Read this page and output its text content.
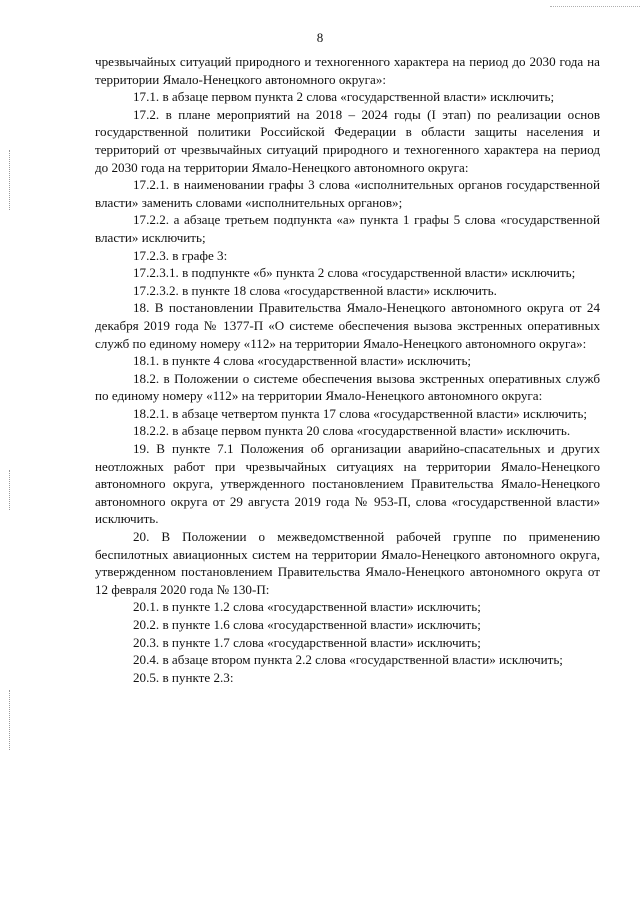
8

чрезвычайных ситуаций природного и техногенного характера на период до 2030 года на территории Ямало-Ненецкого автономного округа»:

17.1. в абзаце первом пункта 2 слова «государственной власти» исключить;

17.2. в плане мероприятий на 2018 – 2024 годы (I этап) по реализации основ государственной политики Российской Федерации в области защиты населения и территорий от чрезвычайных ситуаций природного и техногенного характера на период до 2030 года на территории Ямало-Ненецкого автономного округа:

17.2.1. в наименовании графы 3 слова «исполнительных органов государственной власти» заменить словами «исполнительных органов»;

17.2.2. а абзаце третьем подпункта «а» пункта 1 графы 5 слова «государственной власти» исключить;

17.2.3. в графе 3:

17.2.3.1. в подпункте «б» пункта 2 слова «государственной власти» исключить;

17.2.3.2. в пункте 18 слова «государственной власти» исключить.

18. В постановлении Правительства Ямало-Ненецкого автономного округа от 24 декабря 2019 года № 1377-П «О системе обеспечения вызова экстренных оперативных служб по единому номеру «112» на территории Ямало-Ненецкого автономного округа»:

18.1. в пункте 4 слова «государственной власти» исключить;

18.2. в Положении о системе обеспечения вызова экстренных оперативных служб по единому номеру «112» на территории Ямало-Ненецкого автономного округа:

18.2.1. в абзаце четвертом пункта 17 слова «государственной власти» исключить;

18.2.2. в абзаце первом пункта 20 слова «государственной власти» исключить.

19. В пункте 7.1 Положения об организации аварийно-спасательных и других неотложных работ при чрезвычайных ситуациях на территории Ямало-Ненецкого автономного округа, утвержденного постановлением Правительства Ямало-Ненецкого автономного округа от 29 августа 2019 года № 953-П, слова «государственной власти» исключить.

20. В Положении о межведомственной рабочей группе по применению беспилотных авиационных систем на территории Ямало-Ненецкого автономного округа, утвержденном постановлением Правительства Ямало-Ненецкого автономного округа от 12 февраля 2020 года № 130-П:

20.1. в пункте 1.2 слова «государственной власти» исключить;

20.2. в пункте 1.6 слова «государственной власти» исключить;

20.3. в пункте 1.7 слова «государственной власти» исключить;

20.4. в абзаце втором пункта 2.2 слова «государственной власти» исключить;

20.5. в пункте 2.3:
